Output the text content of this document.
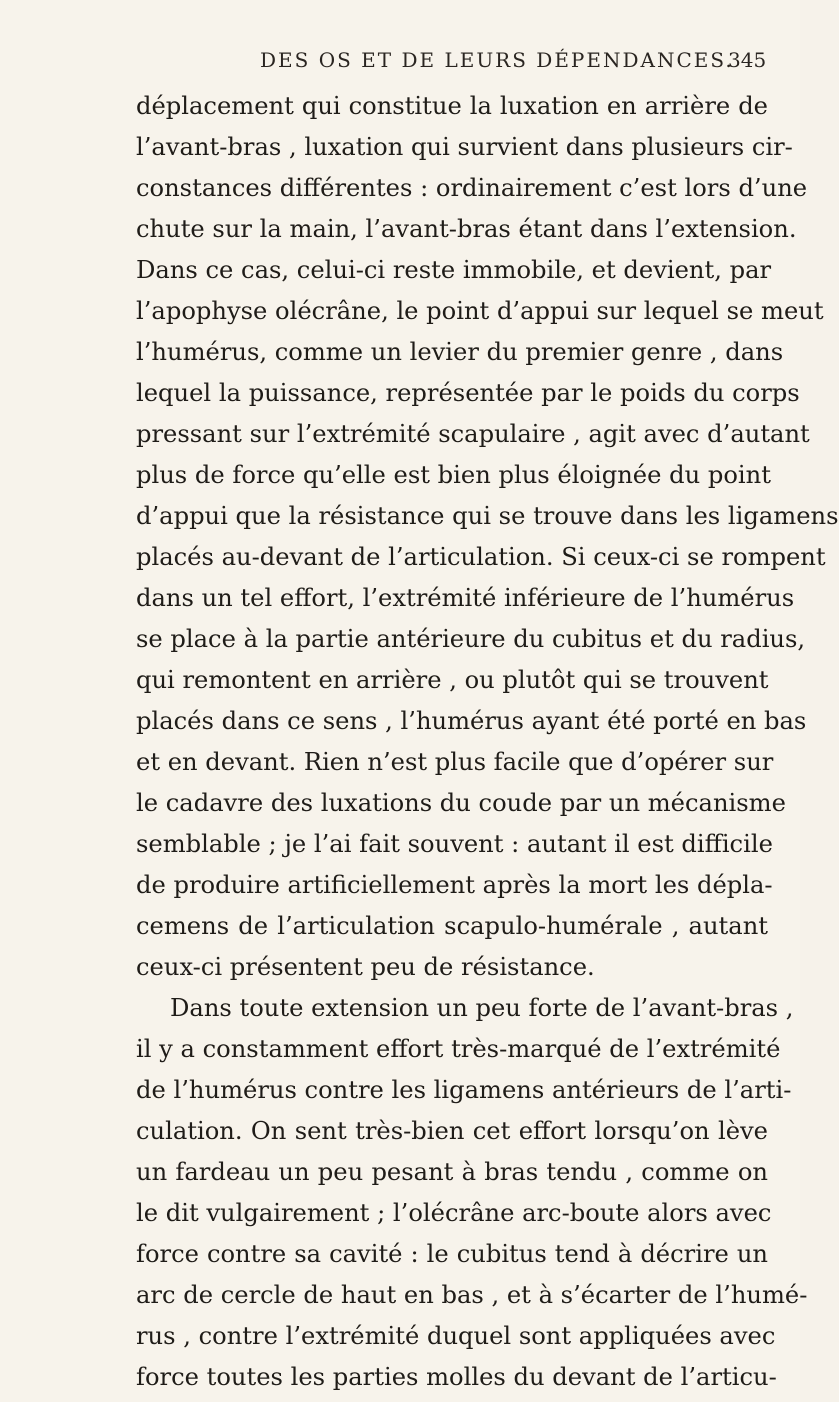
DES OS ET DE LEURS DÉPENDANCES.
345
déplacement qui constitue la luxation en arrière de
l’avant-bras , luxation qui survient dans plusieurs cir-
constances différentes : ordinairement c’est lors d’une
chute sur la main, l’avant-bras étant dans l’extension.
Dans ce cas, celui-ci reste immobile, et devient, par
l’apophyse olécrâne, le point d’appui sur lequel se meut
l’humérus, comme un levier du premier genre , dans
lequel la puissance, représentée par le poids du corps
pressant sur l’extrémité scapulaire , agit avec d’autant
plus de force qu’elle est bien plus éloignée du point
d’appui que la résistance qui se trouve dans les ligamens
placés au-devant de l’articulation. Si ceux-ci se rompent
dans un tel effort, l’extrémité inférieure de l’humérus
se place à la partie antérieure du cubitus et du radius,
qui remontent en arrière , ou plutôt qui se trouvent
placés dans ce sens , l’humérus ayant été porté en bas
et en devant. Rien n’est plus facile que d’opérer sur
le cadavre des luxations du coude par un mécanisme
semblable ; je l’ai fait souvent : autant il est difficile
de produire artificiellement après la mort les dépla-
cemens de l’articulation scapulo-humérale , autant
ceux-ci présentent peu de résistance.
Dans toute extension un peu forte de l’avant-bras ,
il y a constamment effort très-marqué de l’extrémité
de l’humérus contre les ligamens antérieurs de l’arti-
culation. On sent très-bien cet effort lorsqu’on lève
un fardeau un peu pesant à bras tendu , comme on
le dit vulgairement ; l’olécrâne arc-boute alors avec
force contre sa cavité : le cubitus tend à décrire un
arc de cercle de haut en bas , et à s’écarter de l’humé-
rus , contre l’extrémité duquel sont appliquées avec
force toutes les parties molles du devant de l’articu-
